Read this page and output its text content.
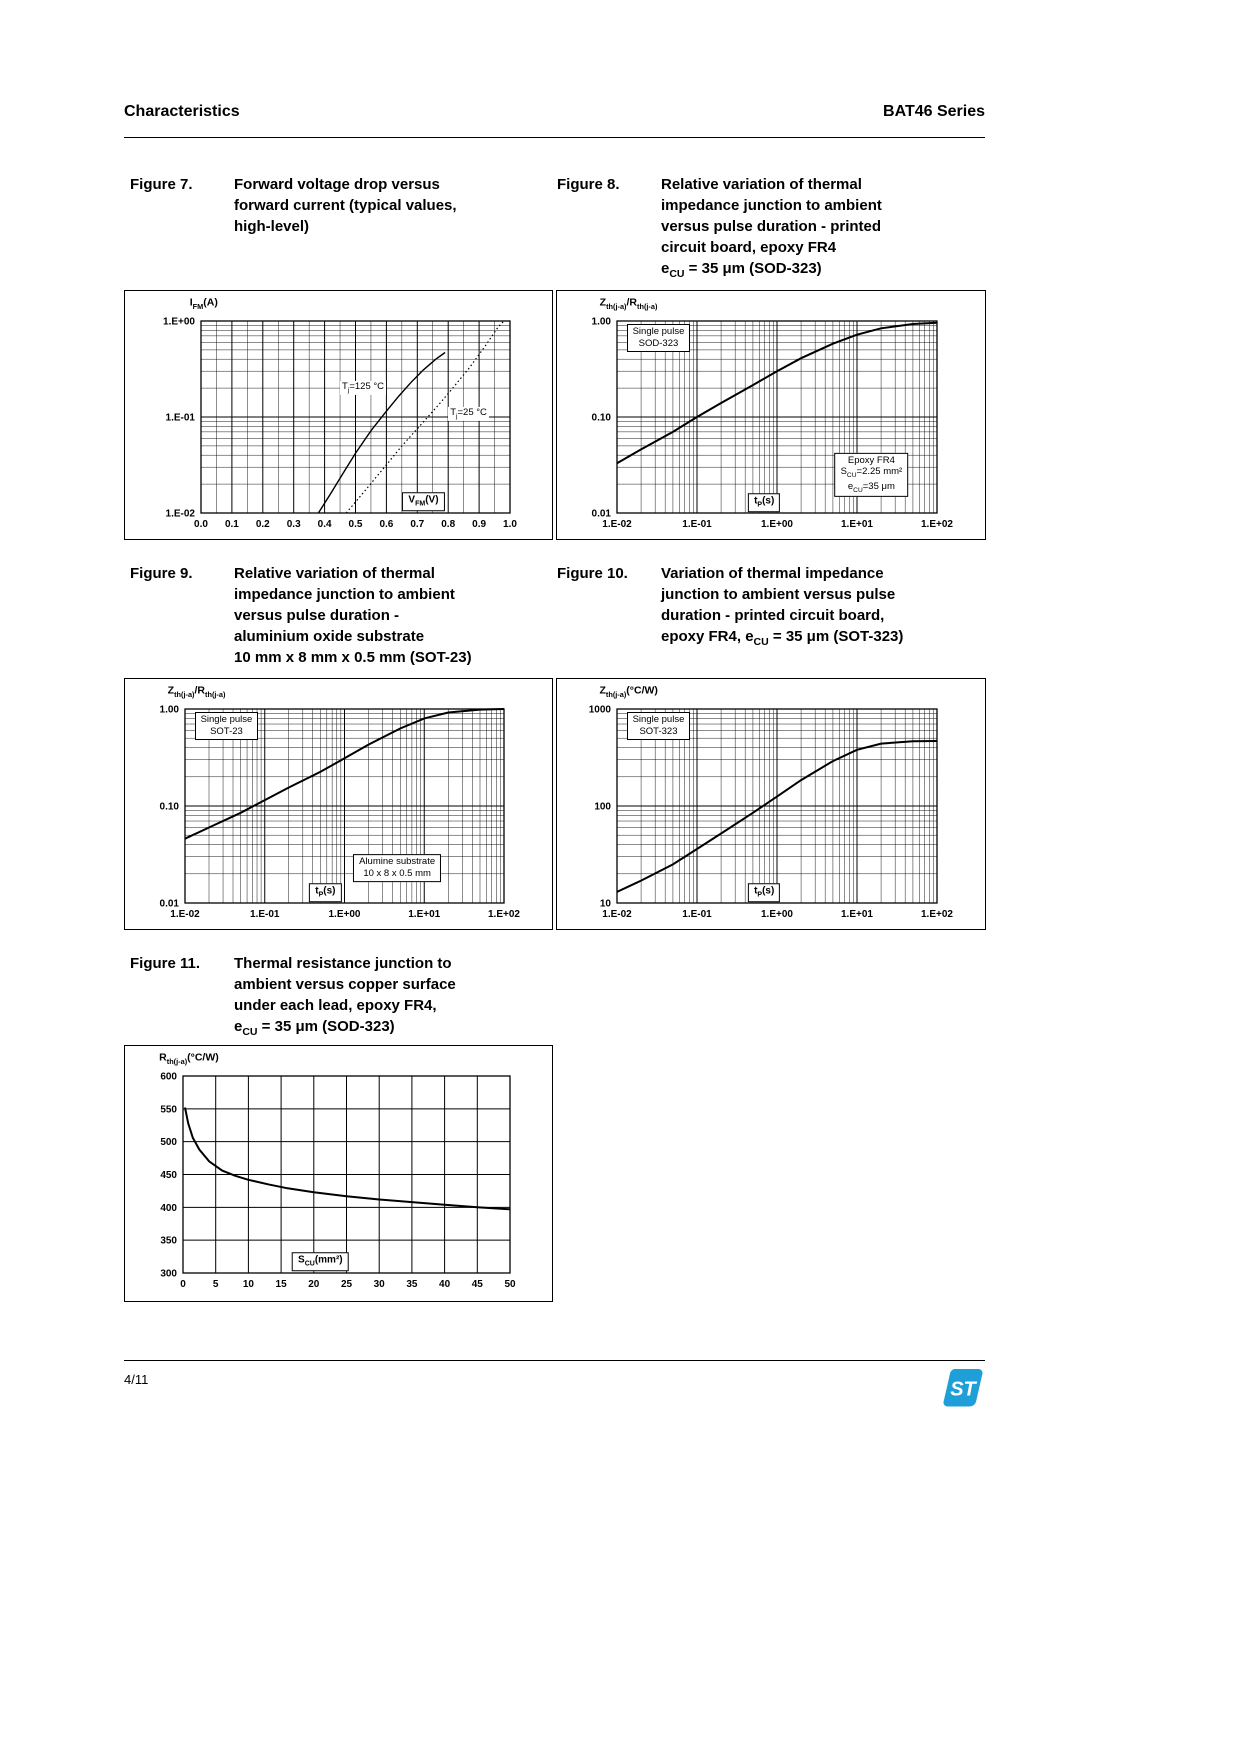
Characteristics	BAT46 Series
Figure 7.	Forward voltage drop versus
forward current (typical values,
high-level)
Figure 8.	Relative variation of thermal
impedance junction to ambient
versus pulse duration - printed
circuit board, epoxy FR4
$e_{CU} = 35$ μm (SOD-323)
Figure 9.	Relative variation of thermal
impedance junction to ambient
versus pulse duration -
aluminium oxide substrate
10 mm x 8 mm x 0.5 mm (SOT-23)
Figure 10.	Variation of thermal impedance
junction to ambient versus pulse
duration - printed circuit board,
epoxy FR4, $e_{CU} = 35$ μm (SOT-323)
Figure 11.	Thermal resistance junction to
ambient versus copper surface
under each lead, epoxy FR4,
$e_{CU} = 35$ μm (SOD-323)
0.0 0.1 0.2 0.3 0.4 0.5 0.6 0.7 0.8 0.9 1.0
1.E+00
1.E-01
1.E-02
$I_{FM}(A)$
$T_j=125$ °C
$T_j=25$ °C
$V_{FM}(V)$
1.E-02	1.E-01	1.E+00	1.E+01	1.E+02
1.00
0.10
0.01
$Z_{th(j-a)}/R_{th(j-a)}$
Single pulse
SOD-323
$t_P(s)$
Epoxy FR4
$S_{CU}=2.25$ mm²
$e_{CU}=35$ μm
1.E-02	1.E-01	1.E+00	1.E+01	1.E+02
1.00
0.10
0.01
$Z_{th(j-a)}/R_{th(j-a)}$
Single pulse
SOT-23
$t_P(s)$
Alumine substrate
10 x 8 x 0.5 mm
1.E-02	1.E-01	1.E+00	1.E+01	1.E+02
1000
100
10
$Z_{th(j-a)}(^\circ C/W)$
Single pulse
SOT-323
$t_P(s)$
0	5 10 15 20 25 30 35 40 45 50
600
550
500
450
400
350
300
$R_{th(j-a)}(^\circ C/W)$
$S_{CU}(mm^2)$
4/11	ST
